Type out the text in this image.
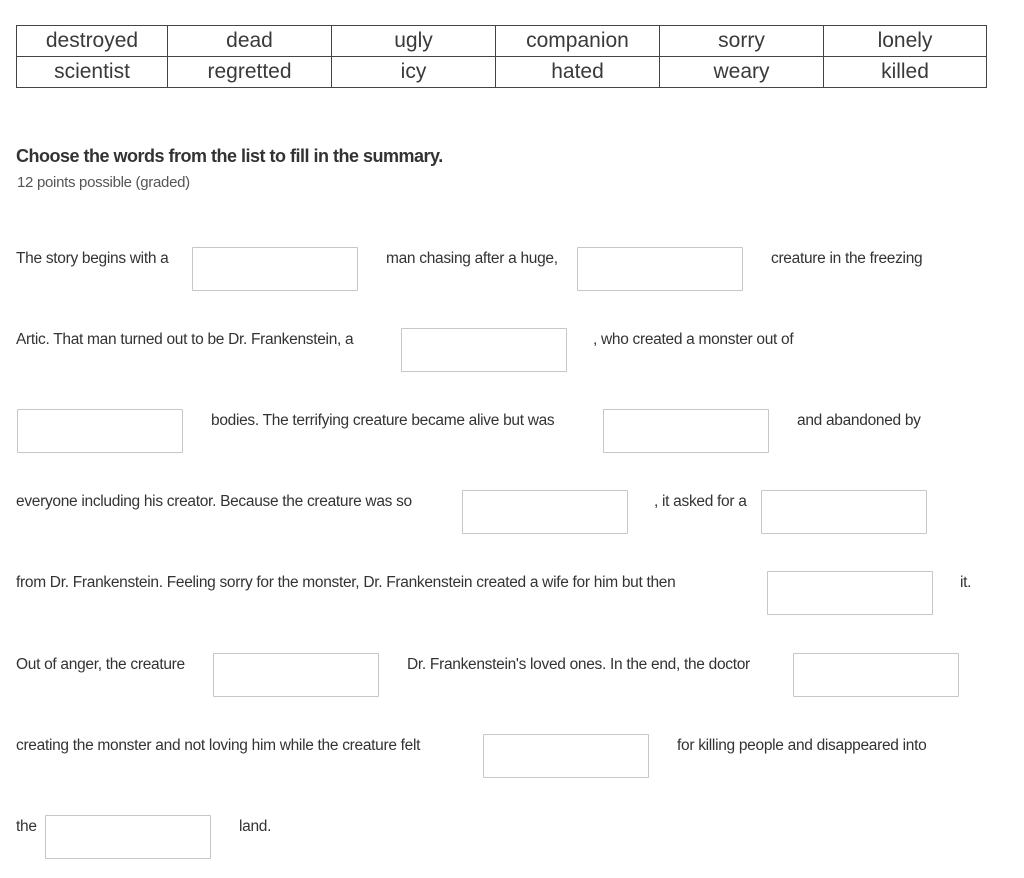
destroyed	dead	ugly	companion	sorry	lonely
scientist	regretted	icy	hated	weary	killed
Choose the words from the list to fill in the summary.
12 points possible (graded)
The story begins with a	man chasing after a huge,	creature in the freezing
Artic. That man turned out to be Dr. Frankenstein, a	, who created a monster out of
bodies. The terrifying creature became alive but was	and abandoned by
everyone including his creator. Because the creature was so	, it asked for a
from Dr. Frankenstein. Feeling sorry for the monster, Dr. Frankenstein created a wife for him but then	it.
Out of anger, the creature	Dr. Frankenstein's loved ones. In the end, the doctor
creating the monster and not loving him while the creature felt	for killing people and disappeared into
the	land.
